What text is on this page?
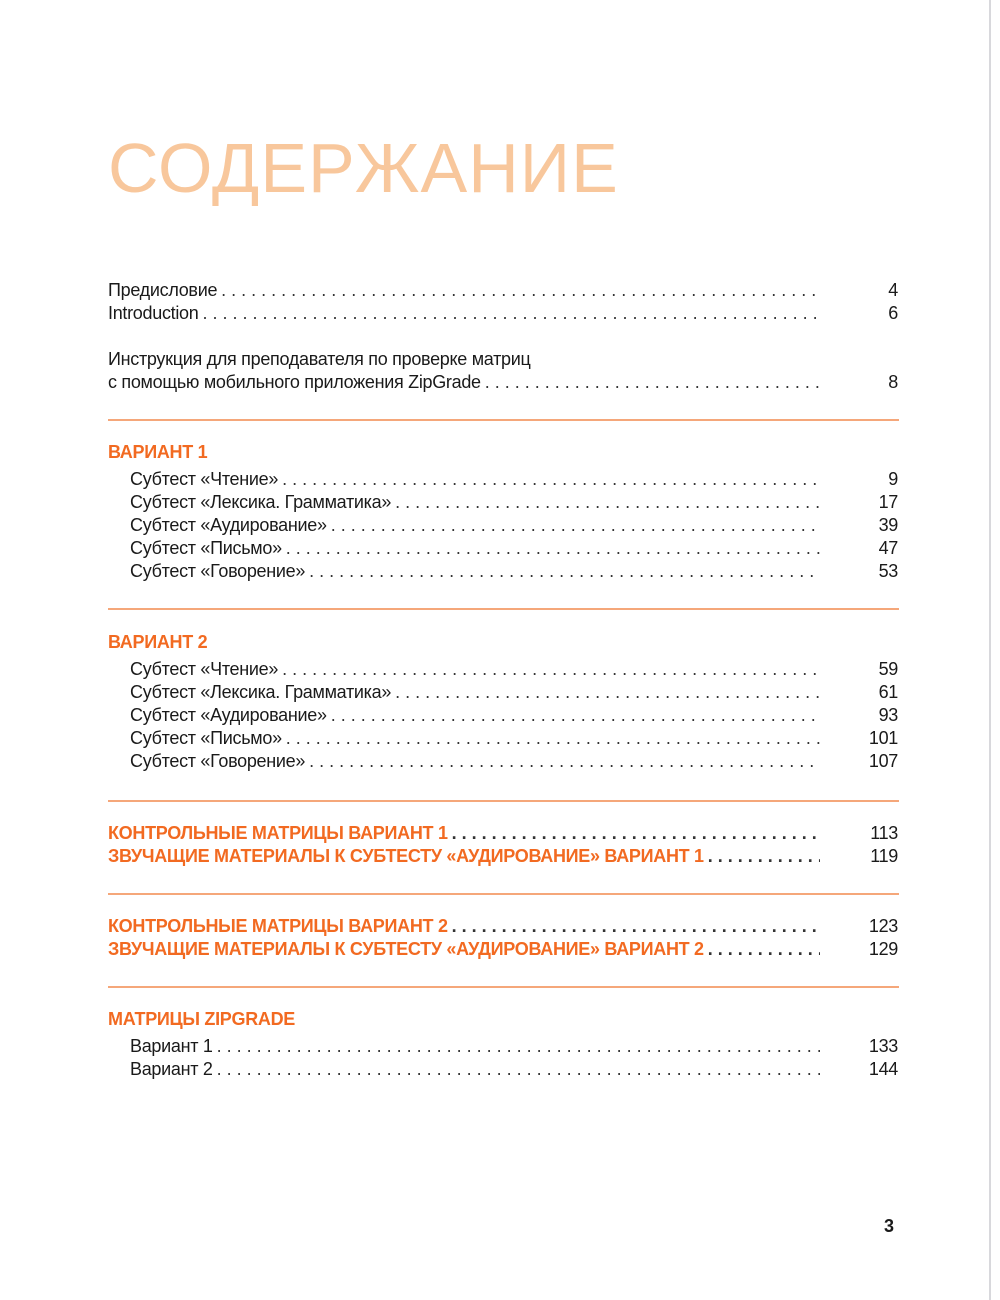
СОДЕРЖАНИЕ
Предисловие . . .	4
Introduction . . .	6
Инструкция для преподавателя по проверке матриц
с помощью мобильного приложения ZipGrade . . .	8
ВАРИАНТ 1
Субтест «Чтение» . . .	9
Субтест «Лексика. Грамматика» . . .	17
Субтест «Аудирование» . . .	39
Субтест «Письмо» . . .	47
Субтест «Говорение» . . .	53
ВАРИАНТ 2
Субтест «Чтение» . . .	59
Субтест «Лексика. Грамматика» . . .	61
Субтест «Аудирование» . . .	93
Субтест «Письмо» . . .	101
Субтест «Говорение» . . .	107
КОНТРОЛЬНЫЕ МАТРИЦЫ ВАРИАНТ 1 . . .	113
ЗВУЧАЩИЕ МАТЕРИАЛЫ К СУБТЕСТУ «АУДИРОВАНИЕ» ВАРИАНТ 1 . . .	119
КОНТРОЛЬНЫЕ МАТРИЦЫ ВАРИАНТ 2 . . .	123
ЗВУЧАЩИЕ МАТЕРИАЛЫ К СУБТЕСТУ «АУДИРОВАНИЕ» ВАРИАНТ 2 . . .	129
МАТРИЦЫ ZIPGRADE
Вариант 1 . . .	133
Вариант 2 . . .	144
3
